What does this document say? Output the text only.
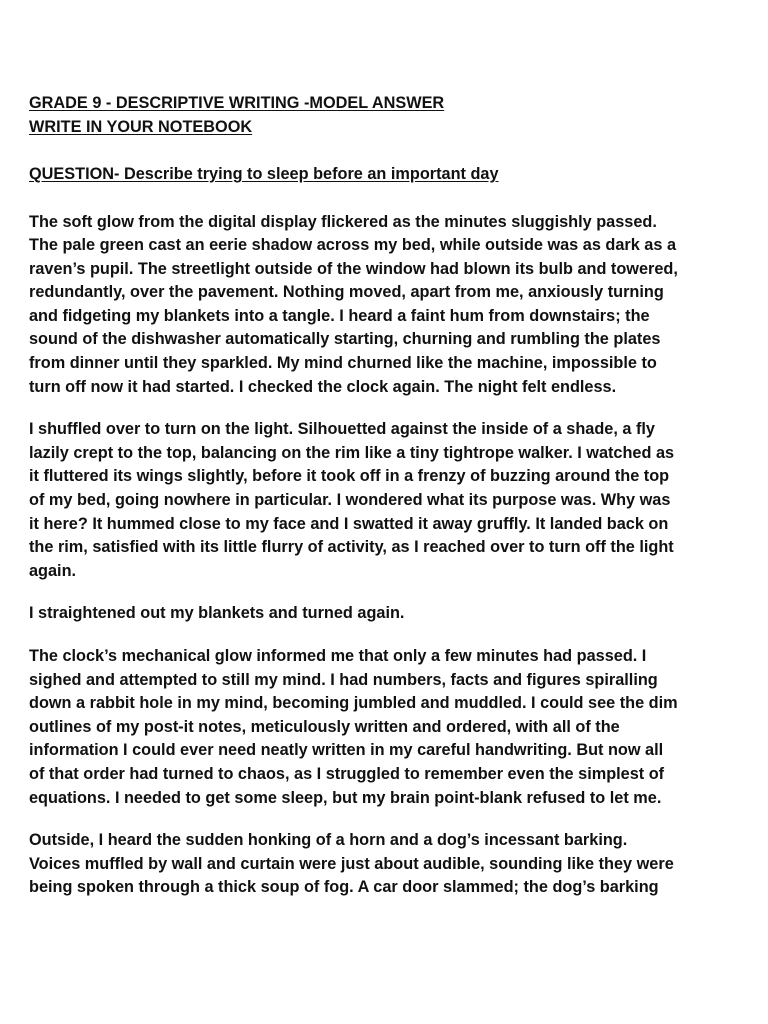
GRADE 9 - DESCRIPTIVE WRITING -MODEL ANSWER
WRITE IN YOUR NOTEBOOK
QUESTION- Describe trying to sleep before an important day
The soft glow from the digital display flickered as the minutes sluggishly passed.
The pale green cast an eerie shadow across my bed, while outside was as dark as a
raven’s pupil. The streetlight outside of the window had blown its bulb and towered,
redundantly, over the pavement. Nothing moved, apart from me, anxiously turning
and fidgeting my blankets into a tangle. I heard a faint hum from downstairs; the
sound of the dishwasher automatically starting, churning and rumbling the plates
from dinner until they sparkled. My mind churned like the machine, impossible to
turn off now it had started. I checked the clock again. The night felt endless.
I shuffled over to turn on the light. Silhouetted against the inside of a shade, a fly
lazily crept to the top, balancing on the rim like a tiny tightrope walker. I watched as
it fluttered its wings slightly, before it took off in a frenzy of buzzing around the top
of my bed, going nowhere in particular. I wondered what its purpose was. Why was
it here? It hummed close to my face and I swatted it away gruffly. It landed back on
the rim, satisfied with its little flurry of activity, as I reached over to turn off the light
again.
I straightened out my blankets and turned again.
The clock’s mechanical glow informed me that only a few minutes had passed. I
sighed and attempted to still my mind. I had numbers, facts and figures spiralling
down a rabbit hole in my mind, becoming jumbled and muddled. I could see the dim
outlines of my post-it notes, meticulously written and ordered, with all of the
information I could ever need neatly written in my careful handwriting. But now all
of that order had turned to chaos, as I struggled to remember even the simplest of
equations. I needed to get some sleep, but my brain point-blank refused to let me.
Outside, I heard the sudden honking of a horn and a dog’s incessant barking.
Voices muffled by wall and curtain were just about audible, sounding like they were
being spoken through a thick soup of fog. A car door slammed; the dog’s barking
